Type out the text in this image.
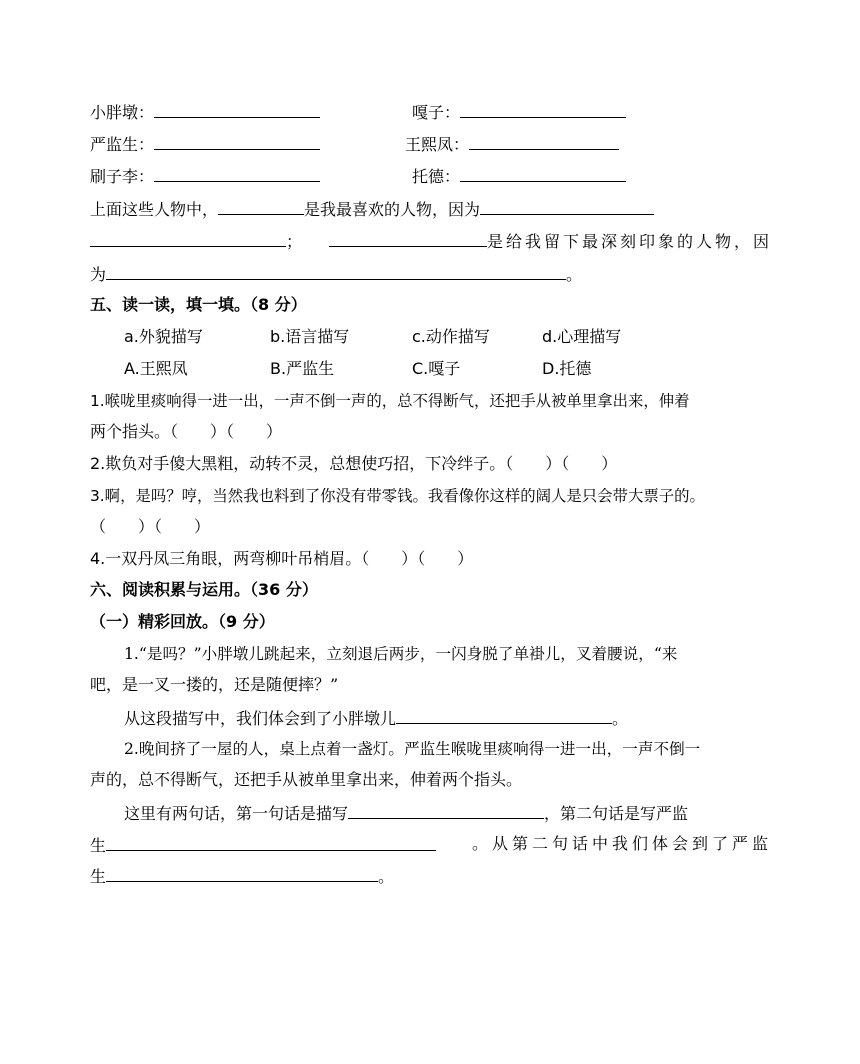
小胖墩：	嘎子：
严监生：	王熙凤：
刷子李：	托德：
上面这些人物中，	是我最喜欢的人物，因为
；	是给我留下最深刻印象的人物，因
为	。
五、读一读，填一填。（8 分）
a.外貌描写	b.语言描写	c.动作描写	d.心理描写
A.王熙凤	B.严监生	C.嘎子	D.托德
1.喉咙里痰响得一进一出，一声不倒一声的，总不得断气，还把手从被单里拿出来，伸着
两个指头。（　　）（　　）
2.欺负对手傻大黑粗，动转不灵，总想使巧招，下冷绊子。（　　）（　　）
3.啊，是吗？哼，当然我也料到了你没有带零钱。我看像你这样的阔人是只会带大票子的。
（　　）（　　）
4.一双丹凤三角眼，两弯柳叶吊梢眉。（　　）（　　）
六、阅读积累与运用。（36 分）
（一）精彩回放。（9 分）
1.“是吗？”小胖墩儿跳起来，立刻退后两步，一闪身脱了单褂儿，叉着腰说，“来
吧，是一叉一搂的，还是随便摔？”
从这段描写中，我们体会到了小胖墩儿	。
2.晚间挤了一屋的人，桌上点着一盏灯。严监生喉咙里痰响得一进一出，一声不倒一
声的，总不得断气，还把手从被单里拿出来，伸着两个指头。
这里有两句话，第一句话是描写	，第二句话是写严监
生	。从第二句话中我们体会到了严监
生	。
